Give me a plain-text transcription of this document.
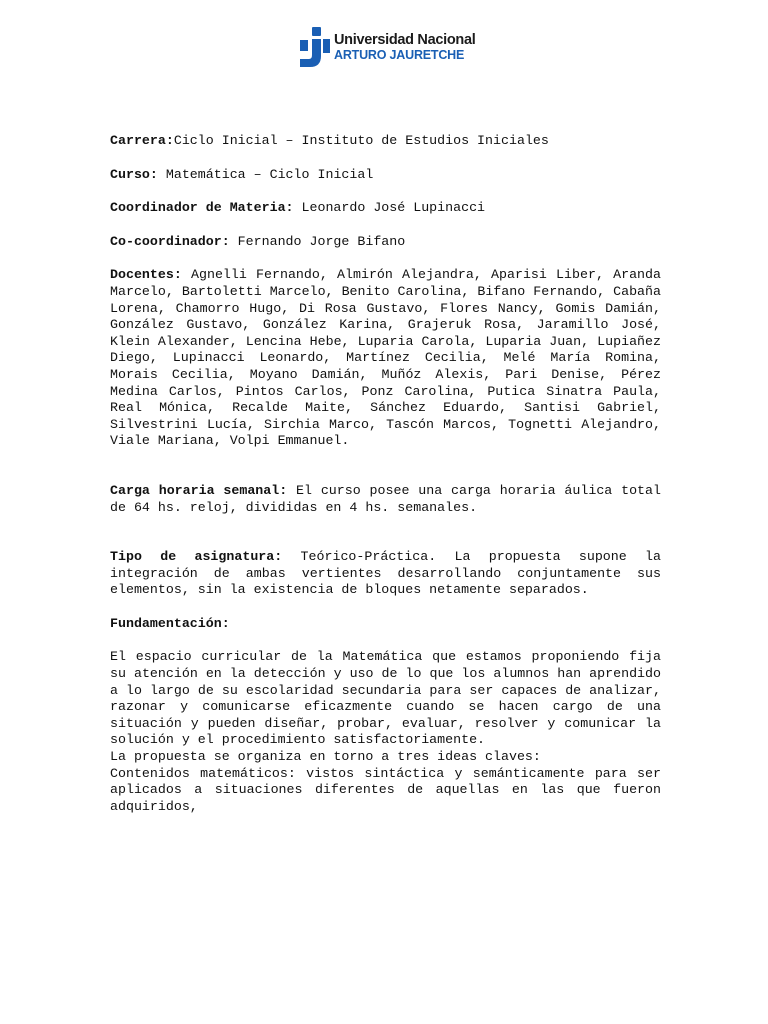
Universidad Nacional
ARTURO JAURETCHE

Carrera:Ciclo Inicial – Instituto de Estudios Iniciales

Curso: Matemática – Ciclo Inicial

Coordinador de Materia: Leonardo José Lupinacci

Co-coordinador: Fernando Jorge Bifano

Docentes: Agnelli Fernando, Almirón Alejandra, Aparisi Liber, Aranda Marcelo, Bartoletti Marcelo, Benito Carolina, Bifano Fernando, Cabaña Lorena, Chamorro Hugo, Di Rosa Gustavo, Flores Nancy, Gomis Damián, González Gustavo, González Karina, Grajeruk Rosa, Jaramillo José, Klein Alexander, Lencina Hebe, Luparia Carola, Luparia Juan, Lupiañez Diego, Lupinacci Leonardo, Martínez Cecilia, Melé María Romina, Morais Cecilia, Moyano Damián, Muñóz Alexis, Pari Denise, Pérez Medina Carlos, Pintos Carlos, Ponz Carolina, Putica Sinatra Paula, Real Mónica, Recalde Maite, Sánchez Eduardo, Santisi Gabriel, Silvestrini Lucía, Sirchia Marco, Tascón Marcos, Tognetti Alejandro, Viale Mariana, Volpi Emmanuel.

Carga horaria semanal: El curso posee una carga horaria áulica total de 64 hs. reloj, divididas en 4 hs. semanales.

Tipo de asignatura: Teórico-Práctica. La propuesta supone la integración de ambas vertientes desarrollando conjuntamente sus elementos, sin la existencia de bloques netamente separados.

Fundamentación:

El espacio curricular de la Matemática que estamos proponiendo fija su atención en la detección y uso de lo que los alumnos han aprendido a lo largo de su escolaridad secundaria para ser capaces de analizar, razonar y comunicarse eficazmente cuando se hacen cargo de una situación y pueden diseñar, probar, evaluar, resolver y comunicar la solución y el procedimiento satisfactoriamente.

La propuesta se organiza en torno a tres ideas claves:

Contenidos matemáticos: vistos sintáctica y semánticamente para ser aplicados a situaciones diferentes de aquellas en las que fueron adquiridos,
